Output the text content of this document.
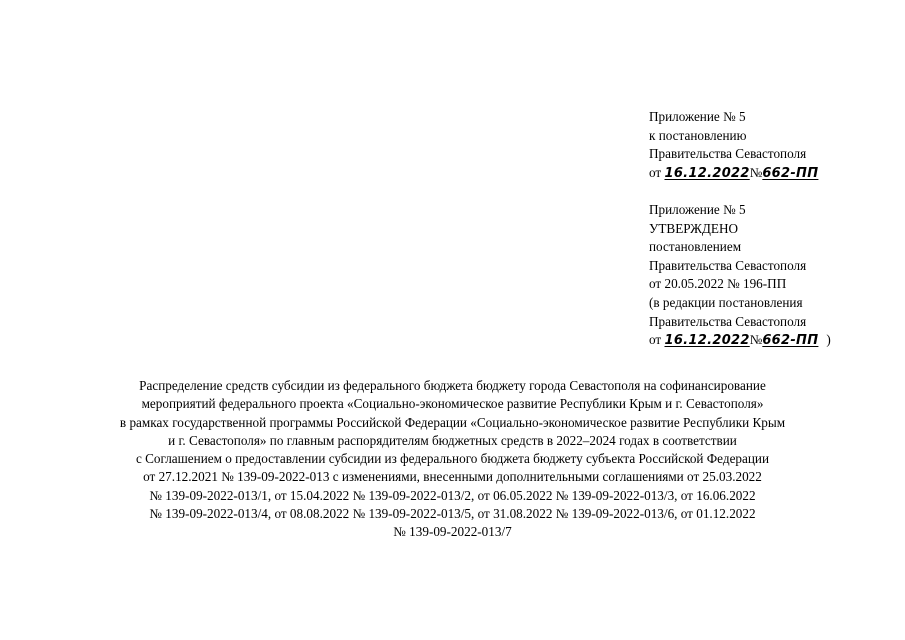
Приложение № 5
к постановлению
Правительства Севастополя
от 16.12.2022№662-ПП
Приложение № 5
УТВЕРЖДЕНО
постановлением
Правительства Севастополя
от 20.05.2022 № 196-ПП
(в редакции постановления
Правительства Севастополя
от 16.12.2022№662-ПП )
Распределение средств субсидии из федерального бюджета бюджету города Севастополя на софинансирование
мероприятий федерального проекта «Социально-экономическое развитие Республики Крым и г. Севастополя»
в рамках государственной программы Российской Федерации «Социально-экономическое развитие Республики Крым
и г. Севастополя» по главным распорядителям бюджетных средств в 2022–2024 годах в соответствии
с Соглашением о предоставлении субсидии из федерального бюджета бюджету субъекта Российской Федерации
от 27.12.2021 № 139-09-2022-013 с изменениями, внесенными дополнительными соглашениями от 25.03.2022
№ 139-09-2022-013/1, от 15.04.2022 № 139-09-2022-013/2, от 06.05.2022 № 139-09-2022-013/3, от 16.06.2022
№ 139-09-2022-013/4, от 08.08.2022 № 139-09-2022-013/5, от 31.08.2022 № 139-09-2022-013/6, от 01.12.2022
№ 139-09-2022-013/7
